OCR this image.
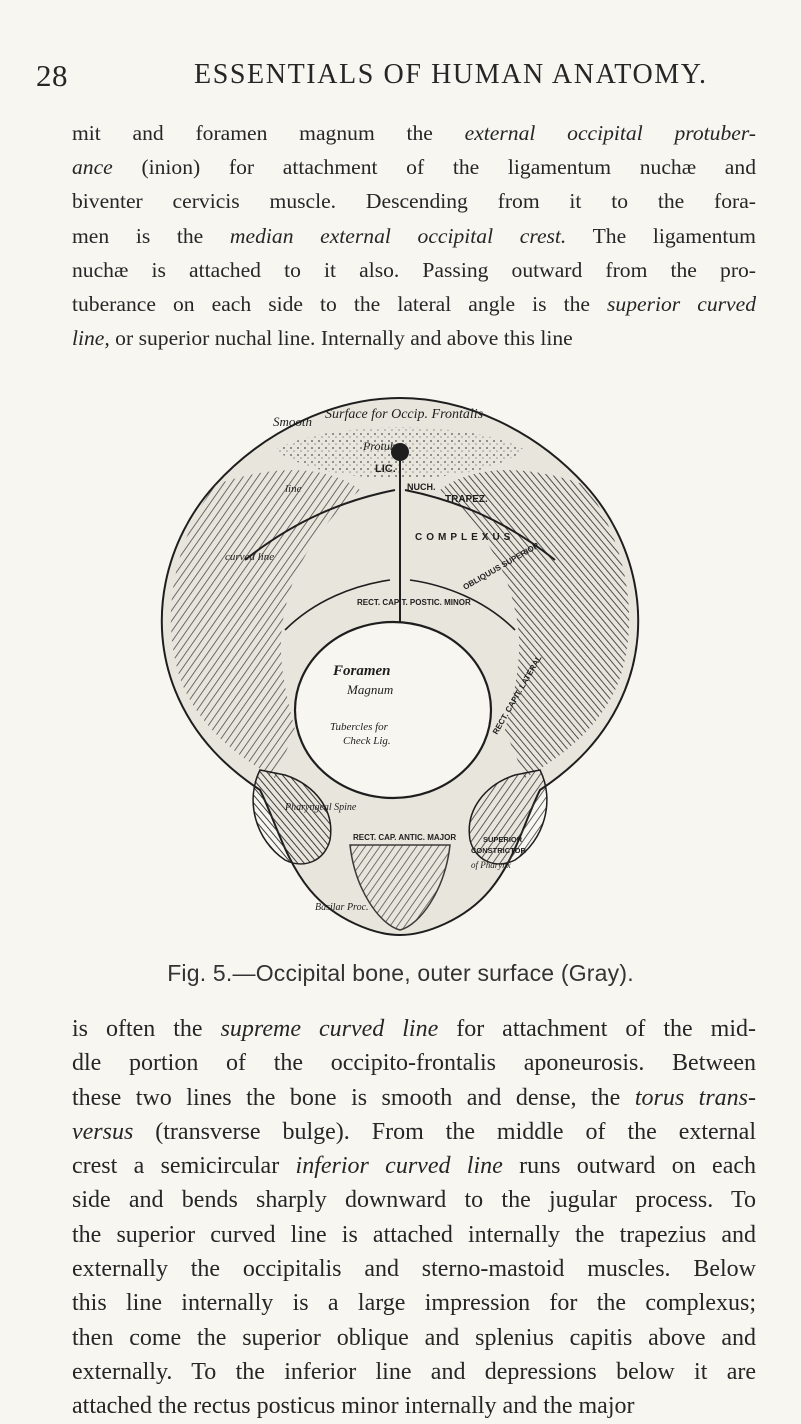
28	ESSENTIALS OF HUMAN ANATOMY.
mit and foramen magnum the external occipital protuber-
ance (inion) for attachment of the ligamentum nuchæ and
biventer cervicis muscle. Descending from it to the fora-
men is the median external occipital crest. The ligamentum
nuchæ is attached to it also. Passing outward from the pro-
tuberance on each side to the lateral angle is the superior curved
line, or superior nuchal line. Internally and above this line
Smooth Surface for Occip. Frontalis
Protub.
LIC.
NUCH.
line
curved line
TRAPEZ.
COMPLEXUS
RECT. CAPIT. POSTIC. MINOR
OBLIQUUS SUPERIOR
Foramen
Magnum
Tubercles for
Check Lig.
RECT. CAPIT. LATERAL
Pharyngeal Spine
RECT. CAP. ANTIC. MAJOR
Basilar Proc.
SUPERIOR
CONSTRICTOR
of Pharynx
Fig. 5.—Occipital bone, outer surface (Gray).
is often the supreme curved line for attachment of the mid-
dle portion of the occipito-frontalis aponeurosis. Between
these two lines the bone is smooth and dense, the torus trans-
versus (transverse bulge). From the middle of the external
crest a semicircular inferior curved line runs outward on each
side and bends sharply downward to the jugular process. To
the superior curved line is attached internally the trapezius and
externally the occipitalis and sterno-mastoid muscles. Below
this line internally is a large impression for the complexus;
then come the superior oblique and splenius capitis above and
externally. To the inferior line and depressions below it are
attached the rectus posticus minor internally and the major
